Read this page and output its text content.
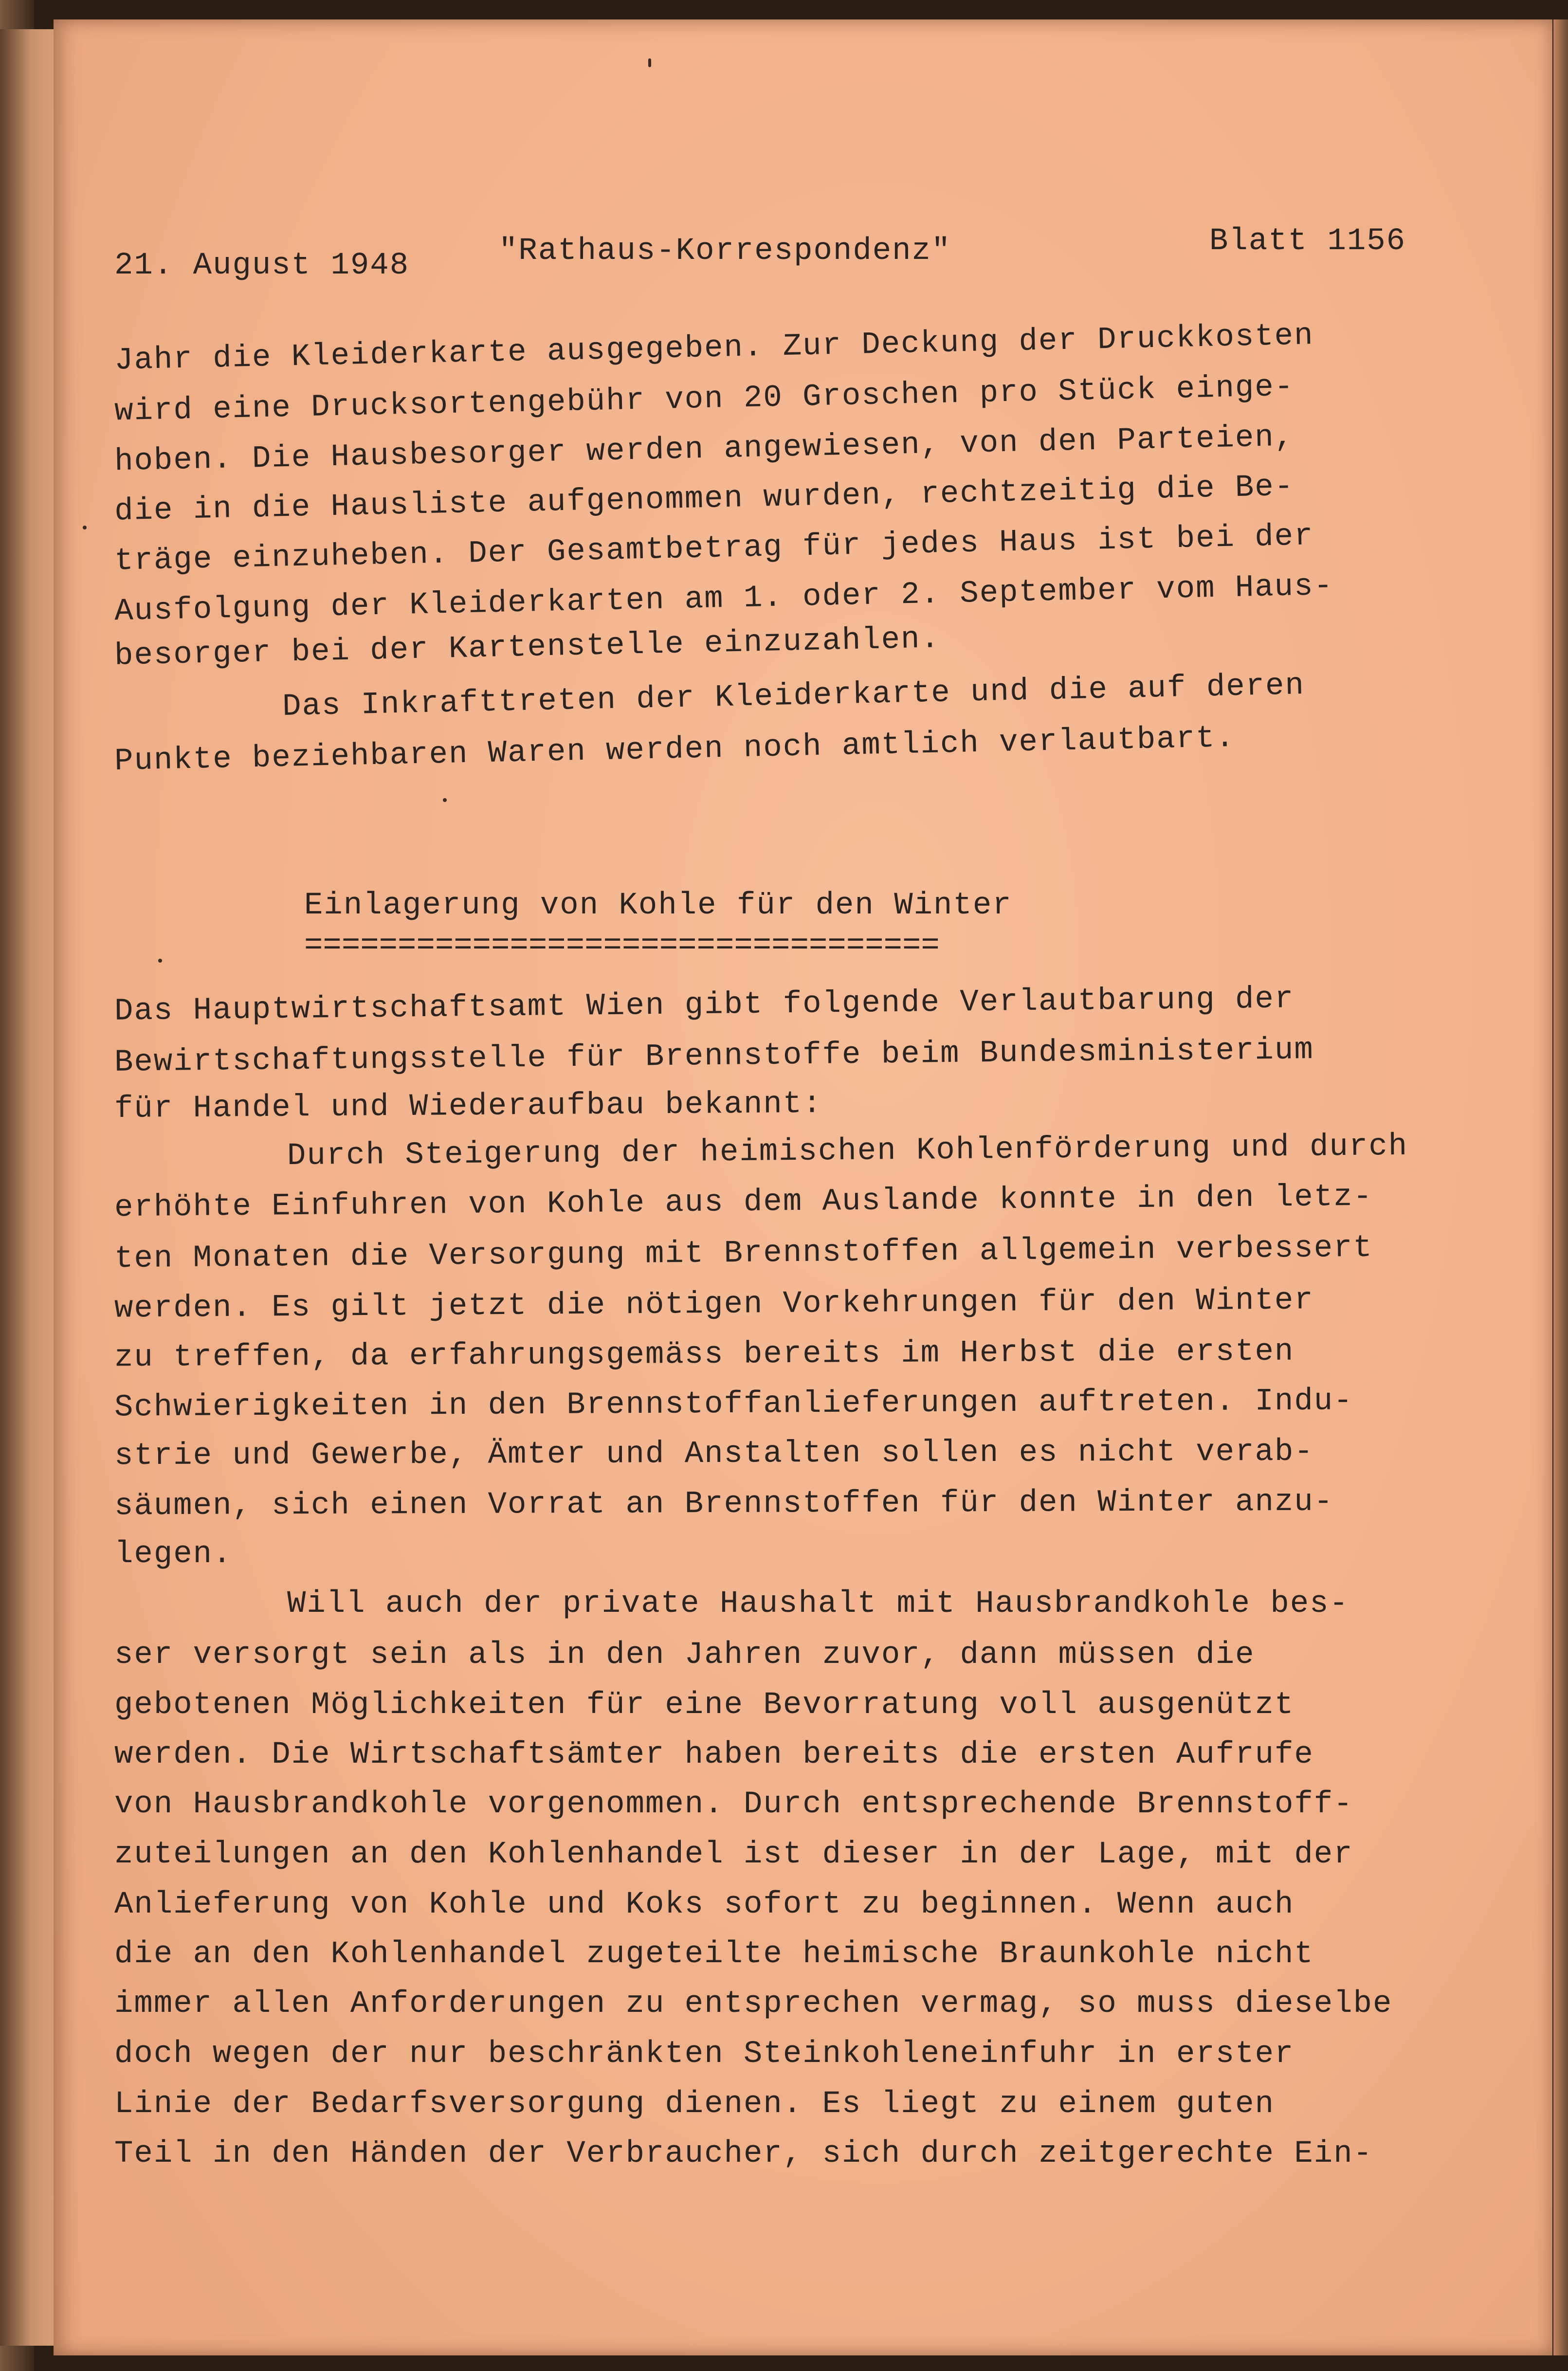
21. August 1948	"Rathaus-Korrespondenz"	Blatt 1156
Jahr die Kleiderkarte ausgegeben. Zur Deckung der Druckkosten
wird eine Drucksortengebühr von 20 Groschen pro Stück einge-
hoben. Die Hausbesorger werden angewiesen, von den Parteien,
die in die Hausliste aufgenommen wurden, rechtzeitig die Be-
träge einzuheben. Der Gesamtbetrag für jedes Haus ist bei der
Ausfolgung der Kleiderkarten am 1. oder 2. September vom Haus-
besorger bei der Kartenstelle einzuzahlen.
Das Inkrafttreten der Kleiderkarte und die auf deren
Punkte beziehbaren Waren werden noch amtlich verlautbart.
Einlagerung von Kohle für den Winter
==================================
Das Hauptwirtschaftsamt Wien gibt folgende Verlautbarung der
Bewirtschaftungsstelle für Brennstoffe beim Bundesministerium
für Handel und Wiederaufbau bekannt:
Durch Steigerung der heimischen Kohlenförderung und durch
erhöhte Einfuhren von Kohle aus dem Auslande konnte in den letz-
ten Monaten die Versorgung mit Brennstoffen allgemein verbessert
werden. Es gilt jetzt die nötigen Vorkehrungen für den Winter
zu treffen, da erfahrungsgemäss bereits im Herbst die ersten
Schwierigkeiten in den Brennstoffanlieferungen auftreten. Indu-
strie und Gewerbe, Ämter und Anstalten sollen es nicht verab-
säumen, sich einen Vorrat an Brennstoffen für den Winter anzu-
legen.
Will auch der private Haushalt mit Hausbrandkohle bes-
ser versorgt sein als in den Jahren zuvor, dann müssen die
gebotenen Möglichkeiten für eine Bevorratung voll ausgenützt
werden. Die Wirtschaftsämter haben bereits die ersten Aufrufe
von Hausbrandkohle vorgenommen. Durch entsprechende Brennstoff-
zuteilungen an den Kohlenhandel ist dieser in der Lage, mit der
Anlieferung von Kohle und Koks sofort zu beginnen. Wenn auch
die an den Kohlenhandel zugeteilte heimische Braunkohle nicht
immer allen Anforderungen zu entsprechen vermag, so muss dieselbe
doch wegen der nur beschränkten Steinkohleneinfuhr in erster
Linie der Bedarfsversorgung dienen. Es liegt zu einem guten
Teil in den Händen der Verbraucher, sich durch zeitgerechte Ein-
